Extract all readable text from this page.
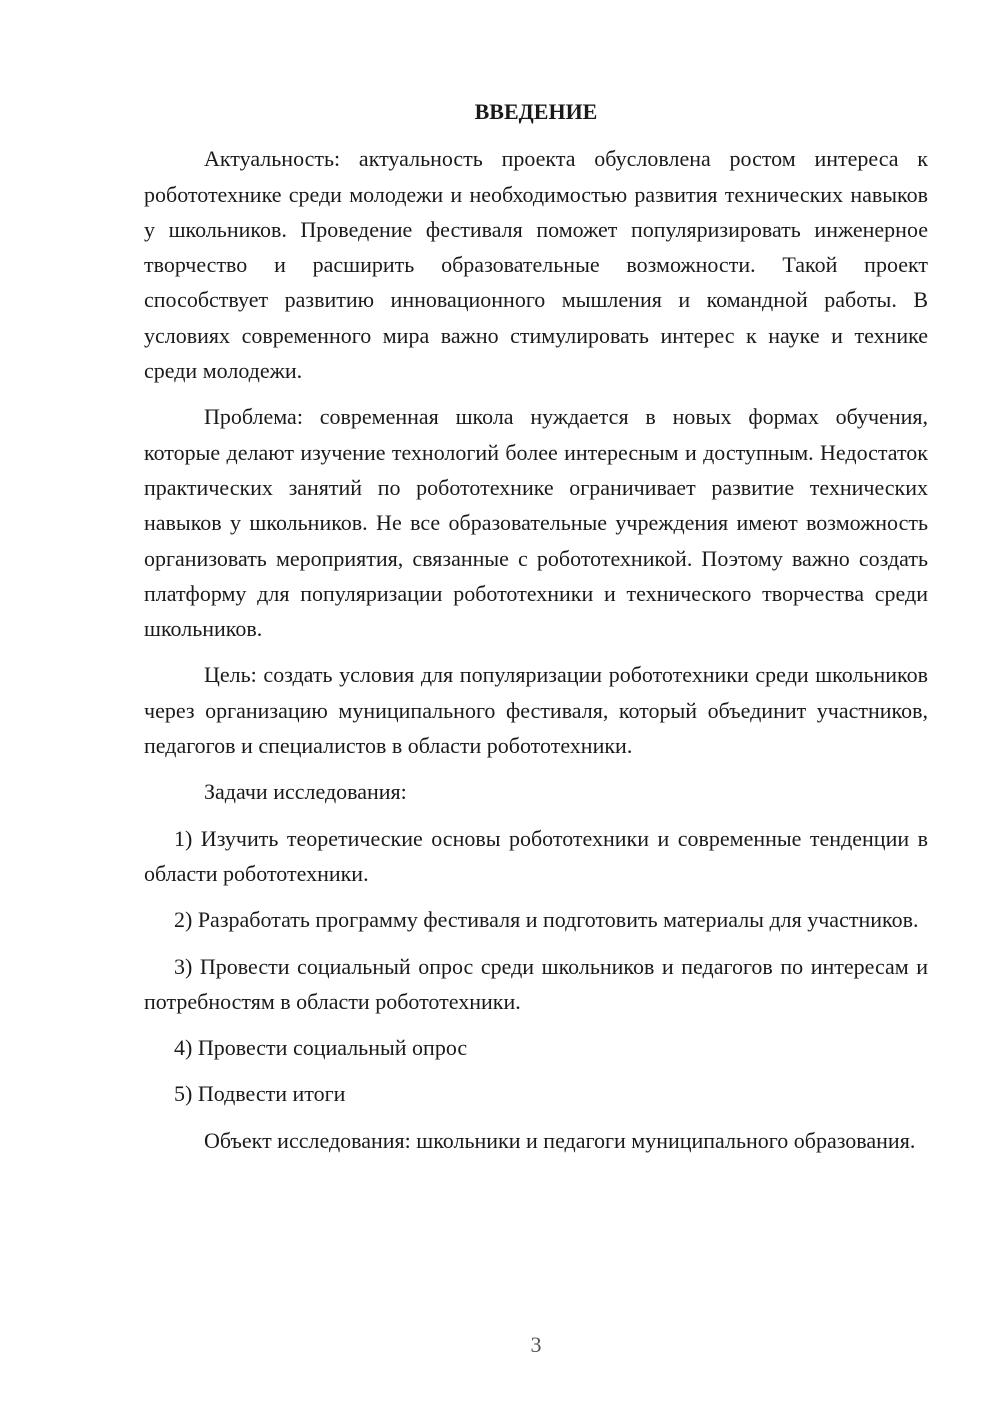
ВВЕДЕНИЕ

Актуальность: актуальность проекта обусловлена ростом интереса к робототехнике среди молодежи и необходимостью развития технических навыков у школьников. Проведение фестиваля поможет популяризировать инженерное творчество и расширить образовательные возможности. Такой проект способствует развитию инновационного мышления и командной работы. В условиях современного мира важно стимулировать интерес к науке и технике среди молодежи.

Проблема: современная школа нуждается в новых формах обучения, которые делают изучение технологий более интересным и доступным. Недостаток практических занятий по робототехнике ограничивает развитие технических навыков у школьников. Не все образовательные учреждения имеют возможность организовать мероприятия, связанные с робототехникой. Поэтому важно создать платформу для популяризации робототехники и технического творчества среди школьников.

Цель: создать условия для популяризации робототехники среди школьников через организацию муниципального фестиваля, который объединит участников, педагогов и специалистов в области робототехники.

Задачи исследования:

1) Изучить теоретические основы робототехники и современные тенденции в области робототехники.

2) Разработать программу фестиваля и подготовить материалы для участников.

3) Провести социальный опрос среди школьников и педагогов по интересам и потребностям в области робототехники.

4) Провести социальный опрос

5) Подвести итоги

Объект исследования: школьники и педагоги муниципального образования.

3
